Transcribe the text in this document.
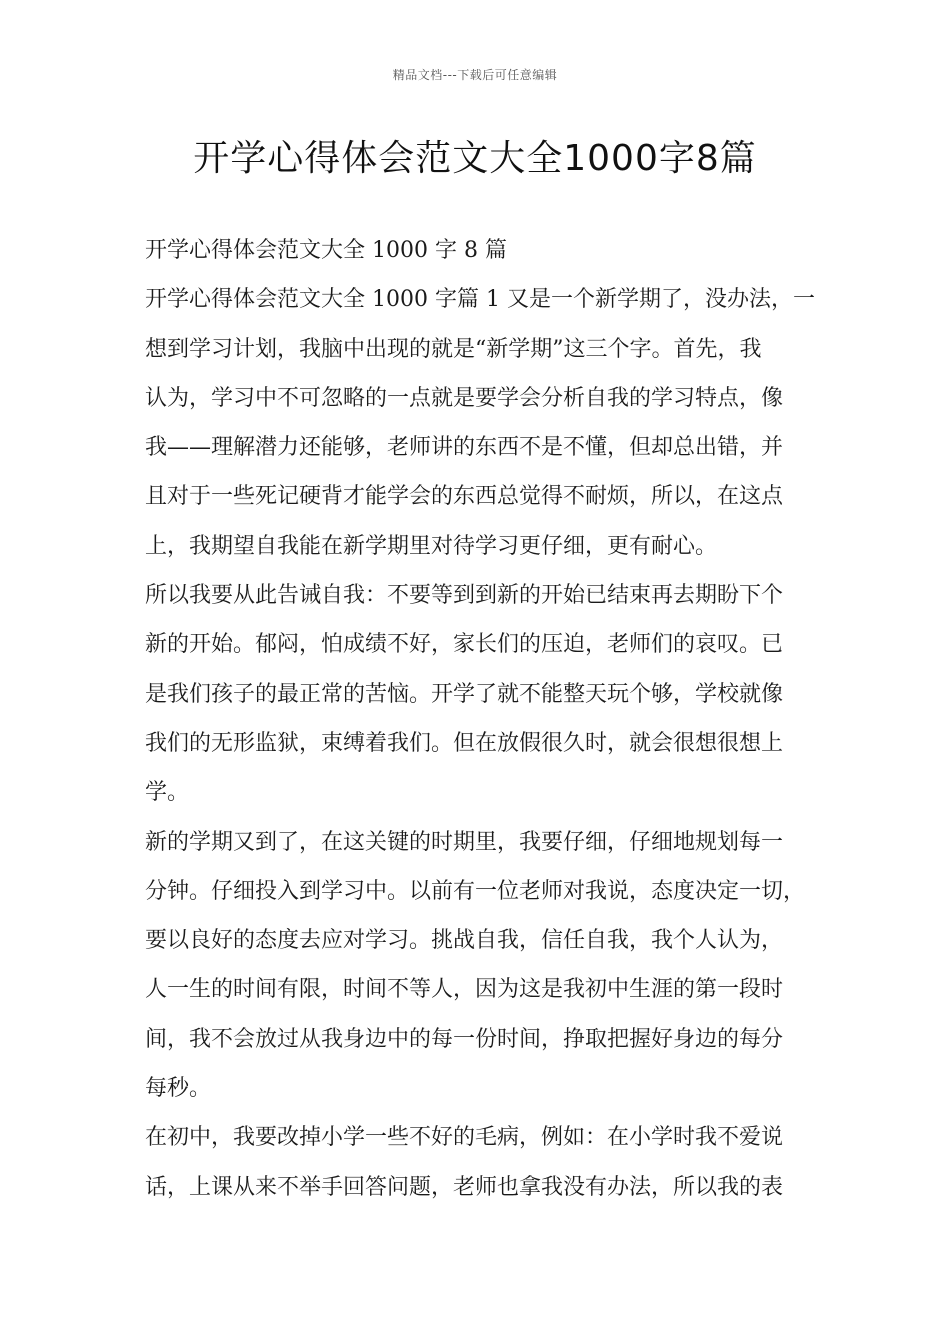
精品文档---下载后可任意编辑
开学心得体会范文大全1000字8篇
开学心得体会范文大全 1000 字 8 篇
开学心得体会范文大全 1000 字篇 1 又是一个新学期了，没办法，一
想到学习计划，我脑中出现的就是“新学期”这三个字。首先，我
认为，学习中不可忽略的一点就是要学会分析自我的学习特点，像
我——理解潜力还能够，老师讲的东西不是不懂，但却总出错，并
且对于一些死记硬背才能学会的东西总觉得不耐烦，所以，在这点
上，我期望自我能在新学期里对待学习更仔细，更有耐心。
所以我要从此告诫自我：不要等到到新的开始已结束再去期盼下个
新的开始。郁闷，怕成绩不好，家长们的压迫，老师们的哀叹。已
是我们孩子的最正常的苦恼。开学了就不能整天玩个够，学校就像
我们的无形监狱，束缚着我们。但在放假很久时，就会很想很想上
学。
新的学期又到了，在这关键的时期里，我要仔细，仔细地规划每一
分钟。仔细投入到学习中。以前有一位老师对我说，态度决定一切，
要以良好的态度去应对学习。挑战自我，信任自我，我个人认为，
人一生的时间有限，时间不等人，因为这是我初中生涯的第一段时
间，我不会放过从我身边中的每一份时间，挣取把握好身边的每分
每秒。
在初中，我要改掉小学一些不好的毛病，例如：在小学时我不爱说
话，上课从来不举手回答问题，老师也拿我没有办法，所以我的表
